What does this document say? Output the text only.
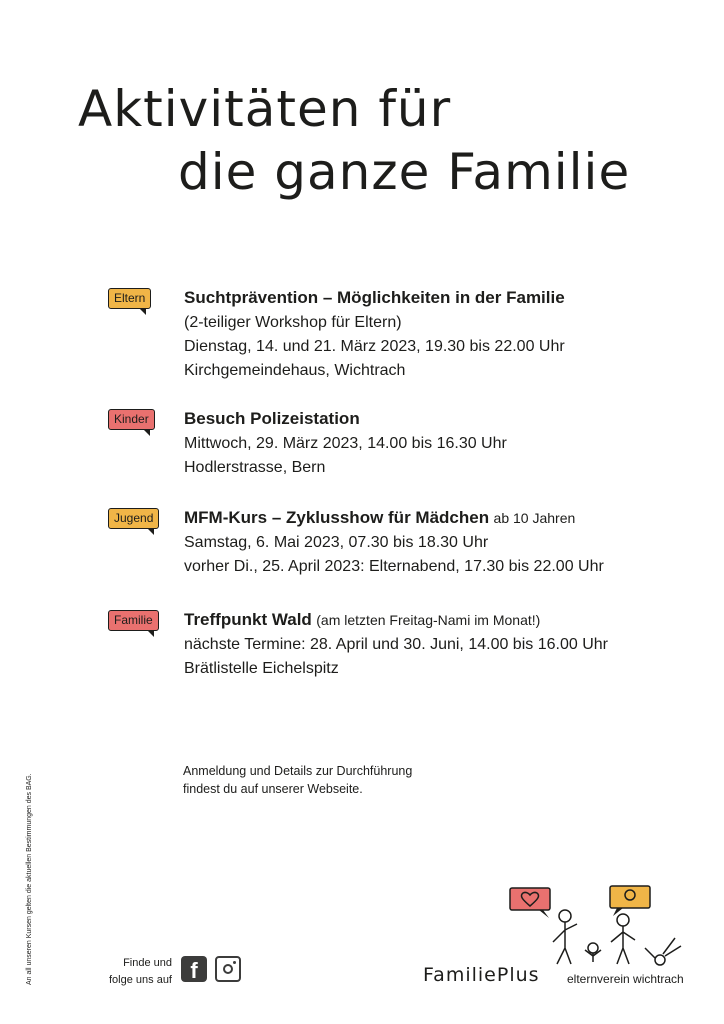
Aktivitäten für
die ganze Familie
Eltern	Suchtprävention – Möglichkeiten in der Familie
(2-teiliger Workshop für Eltern)
Dienstag, 14. und 21. März 2023, 19.30 bis 22.00 Uhr
Kirchgemeindehaus, Wichtrach
Kinder	Besuch Polizeistation
Mittwoch, 29. März 2023, 14.00 bis 16.30 Uhr
Hodlerstrasse, Bern
Jugend	MFM-Kurs – Zyklusshow für Mädchen ab 10 Jahren
Samstag, 6. Mai 2023, 07.30 bis 18.30 Uhr
vorher Di., 25. April 2023: Elternabend, 17.30 bis 22.00 Uhr
Familie	Treffpunkt Wald (am letzten Freitag-Nami im Monat!)
nächste Termine: 28. April und 30. Juni, 14.00 bis 16.00 Uhr
Brätlistelle Eichelspitz
Anmeldung und Details zur Durchführung
findest du auf unserer Webseite.
An all unseren Kursen gelten die aktuellen Bestimmungen des BAG.	Finde und
folge uns auf f	FamiliePlus elternverein wichtrach
